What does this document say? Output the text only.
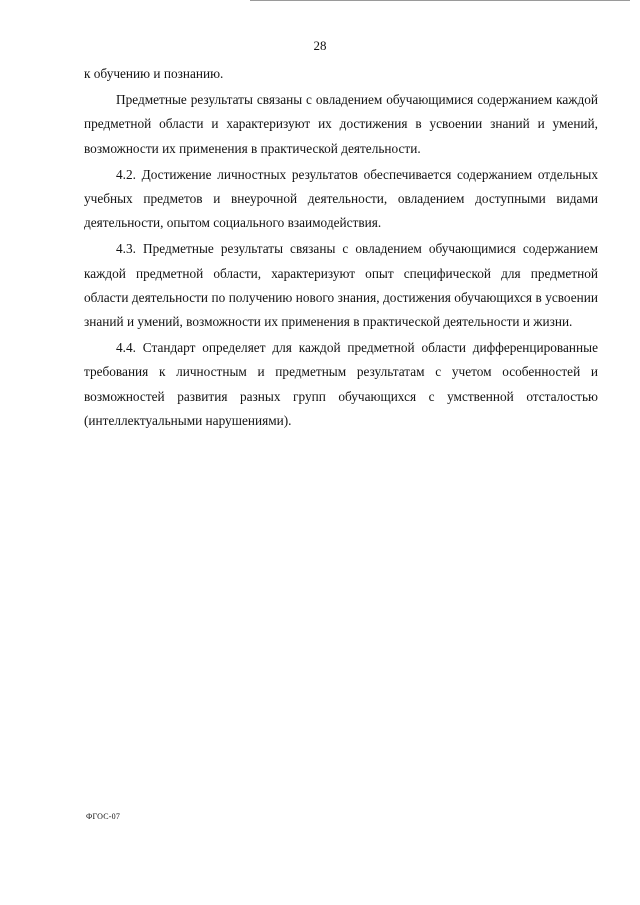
28

к обучению и познанию.

Предметные результаты связаны с овладением обучающимися содержанием каждой предметной области и характеризуют их достижения в усвоении знаний и умений, возможности их применения в практической деятельности.

4.2. Достижение личностных результатов обеспечивается содержанием отдельных учебных предметов и внеурочной деятельности, овладением доступными видами деятельности, опытом социального взаимодействия.

4.3. Предметные результаты связаны с овладением обучающимися содержанием каждой предметной области, характеризуют опыт специфической для предметной области деятельности по получению нового знания, достижения обучающихся в усвоении знаний и умений, возможности их применения в практической деятельности и жизни.

4.4. Стандарт определяет для каждой предметной области дифференцированные требования к личностным и предметным результатам с учетом особенностей и возможностей развития разных групп обучающихся с умственной отсталостью (интеллектуальными нарушениями).

ФГОС-07
